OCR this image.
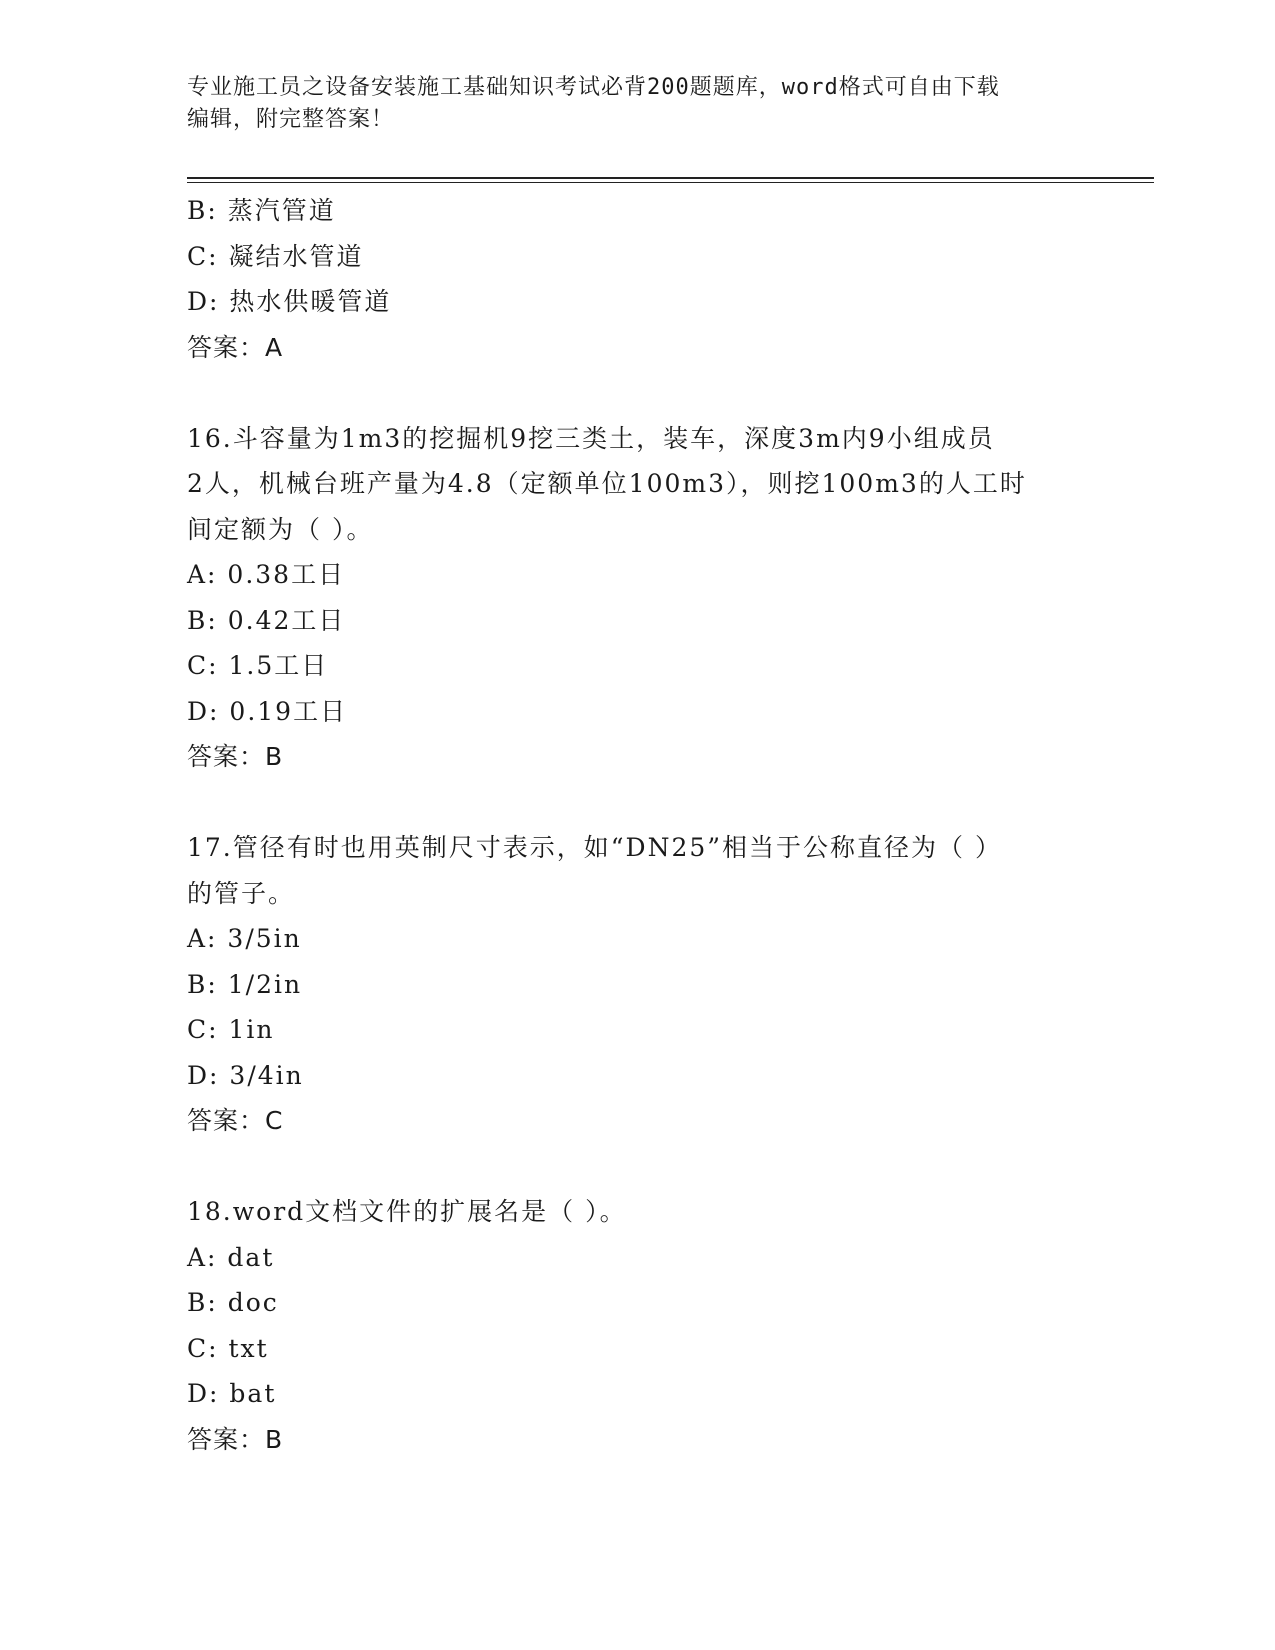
专业施工员之设备安装施工基础知识考试必背200题题库，word格式可自由下载
编辑，附完整答案！
B: 蒸汽管道
C: 凝结水管道
D: 热水供暖管道
答案：A
16.斗容量为1m3的挖掘机9挖三类土，装车，深度3m内9小组成员
2人，机械台班产量为4.8（定额单位100m3），则挖100m3的人工时
间定额为（ ）。
A: 0.38工日
B: 0.42工日
C: 1.5工日
D: 0.19工日
答案：B
17.管径有时也用英制尺寸表示，如“DN25”相当于公称直径为（ ）
的管子。
A: 3/5in
B: 1/2in
C: 1in
D: 3/4in
答案：C
18.word文档文件的扩展名是（ ）。
A: dat
B: doc
C: txt
D: bat
答案：B
